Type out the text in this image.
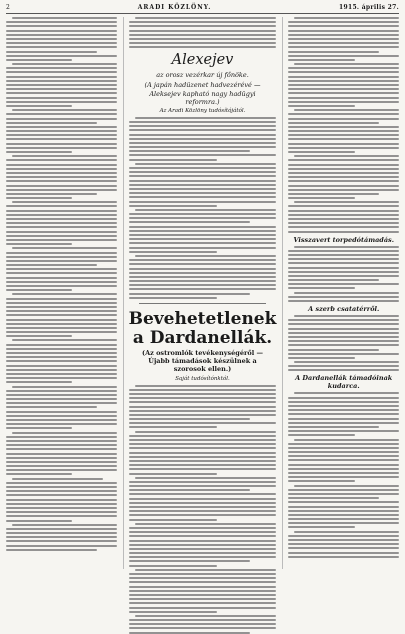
2	ARADI KÖZLÖNY.	1915. április 27.
Alexejev
az orosz vezérkar új főnöke.
(A japán hadüzenet hadvezérévé — Aleksejev kapható nagy hadügyi reformra.)
Az Aradi Közlöny tudósítójától.
Bevehetetlenek a Dardanellák.
(Az ostromlók tevékenységéről — Újabb támadások készülnek a szorosok ellen.)
Saját tudósítónktól.
Visszavert torpedótámadás.
A szerb csatatérről.
A Dardanellák támadóinak kudarca.
